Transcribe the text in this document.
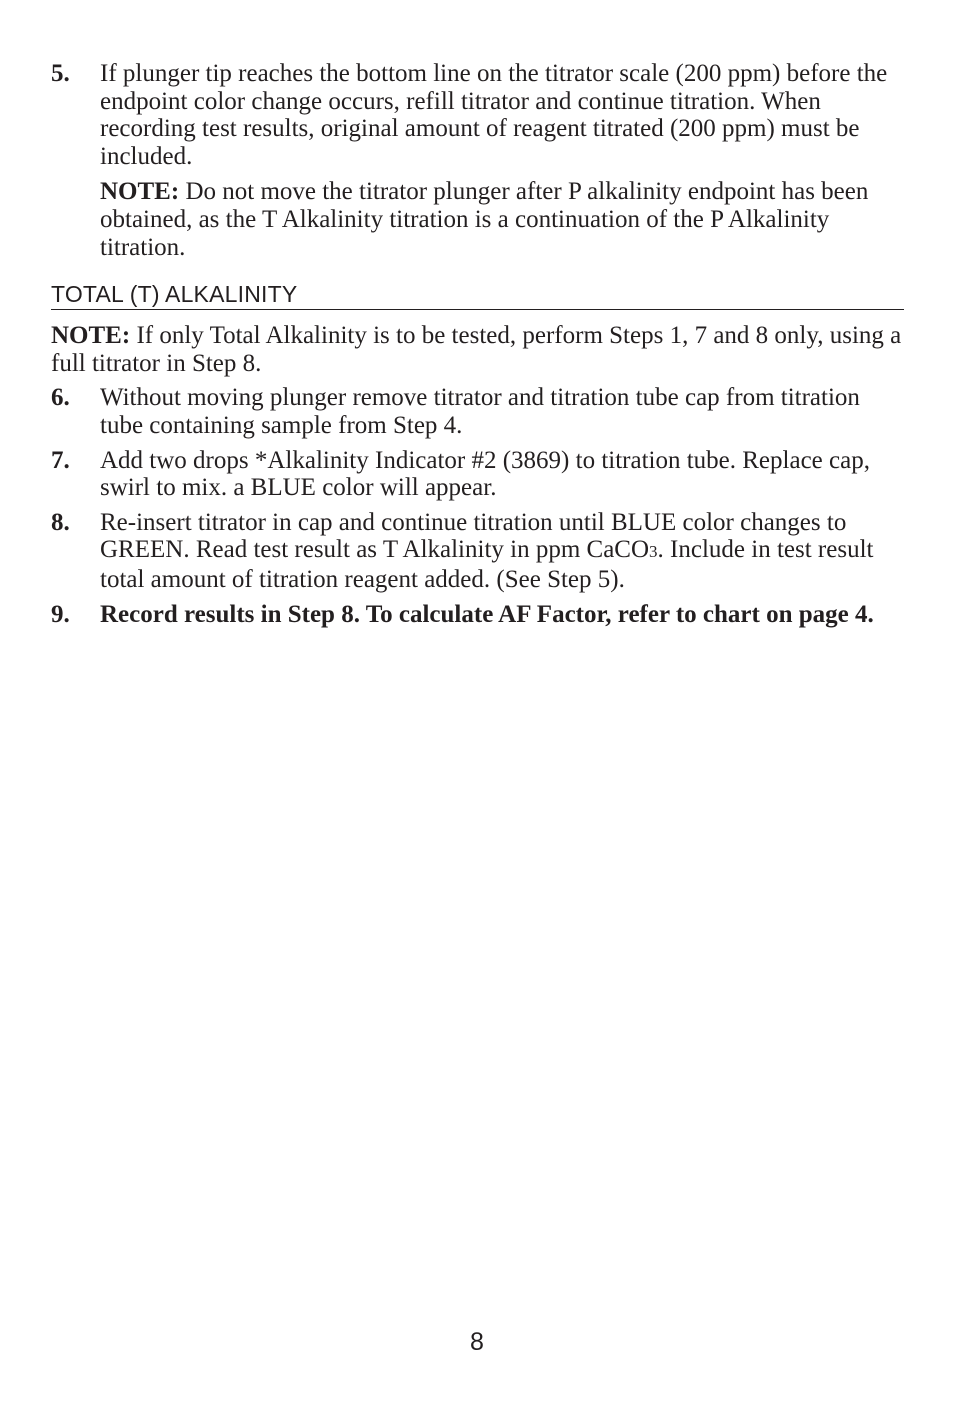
5. If plunger tip reaches the bottom line on the titrator scale (200 ppm) before the endpoint color change occurs, refill titrator and continue titration. When recording test results, original amount of reagent titrated (200 ppm) must be included.
NOTE: Do not move the titrator plunger after P alkalinity endpoint has been obtained, as the T Alkalinity titration is a continuation of the P Alkalinity titration.
TOTAL (T) ALKALINITY
NOTE: If only Total Alkalinity is to be tested, perform Steps 1, 7 and 8 only, using a full titrator in Step 8.
6. Without moving plunger remove titrator and titration tube cap from titration tube containing sample from Step 4.
7. Add two drops *Alkalinity Indicator #2 (3869) to titration tube. Replace cap, swirl to mix. a BLUE color will appear.
8. Re-insert titrator in cap and continue titration until BLUE color changes to GREEN. Read test result as T Alkalinity in ppm CaCO3. Include in test result total amount of titration reagent added. (See Step 5).
9. Record results in Step 8. To calculate AF Factor, refer to chart on page 4.
8
